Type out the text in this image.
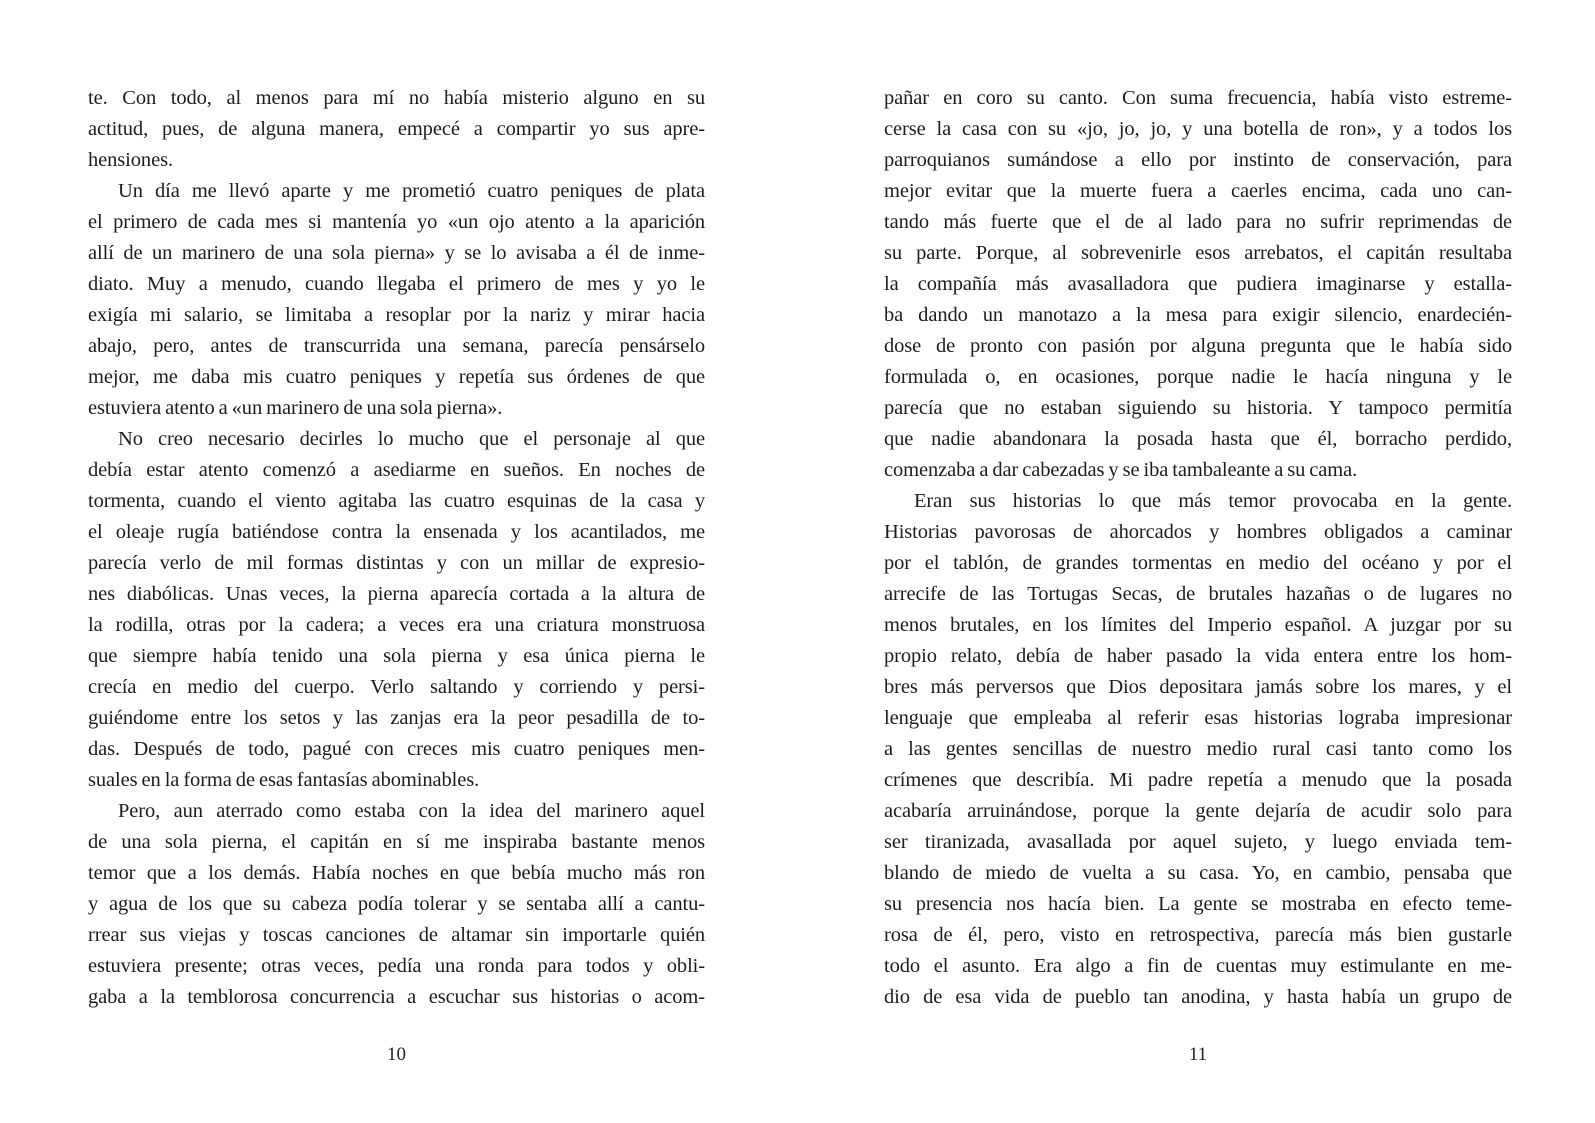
te. Con todo, al menos para mí no había misterio alguno en su
actitud, pues, de alguna manera, empecé a compartir yo sus apre-
hensiones.
Un día me llevó aparte y me prometió cuatro peniques de plata
el primero de cada mes si mantenía yo «un ojo atento a la aparición
allí de un marinero de una sola pierna» y se lo avisaba a él de inme-
diato. Muy a menudo, cuando llegaba el primero de mes y yo le
exigía mi salario, se limitaba a resoplar por la nariz y mirar hacia
abajo, pero, antes de transcurrida una semana, parecía pensárselo
mejor, me daba mis cuatro peniques y repetía sus órdenes de que
estuviera atento a «un marinero de una sola pierna».
No creo necesario decirles lo mucho que el personaje al que
debía estar atento comenzó a asediarme en sueños. En noches de
tormenta, cuando el viento agitaba las cuatro esquinas de la casa y
el oleaje rugía batiéndose contra la ensenada y los acantilados, me
parecía verlo de mil formas distintas y con un millar de expresio-
nes diabólicas. Unas veces, la pierna aparecía cortada a la altura de
la rodilla, otras por la cadera; a veces era una criatura monstruosa
que siempre había tenido una sola pierna y esa única pierna le
crecía en medio del cuerpo. Verlo saltando y corriendo y persi-
guiéndome entre los setos y las zanjas era la peor pesadilla de to-
das. Después de todo, pagué con creces mis cuatro peniques men-
suales en la forma de esas fantasías abominables.
Pero, aun aterrado como estaba con la idea del marinero aquel
de una sola pierna, el capitán en sí me inspiraba bastante menos
temor que a los demás. Había noches en que bebía mucho más ron
y agua de los que su cabeza podía tolerar y se sentaba allí a cantu-
rrear sus viejas y toscas canciones de altamar sin importarle quién
estuviera presente; otras veces, pedía una ronda para todos y obli-
gaba a la temblorosa concurrencia a escuchar sus historias o acom-
10
pañar en coro su canto. Con suma frecuencia, había visto estreme-
cerse la casa con su «jo, jo, jo, y una botella de ron», y a todos los
parroquianos sumándose a ello por instinto de conservación, para
mejor evitar que la muerte fuera a caerles encima, cada uno can-
tando más fuerte que el de al lado para no sufrir reprimendas de
su parte. Porque, al sobrevenirle esos arrebatos, el capitán resultaba
la compañía más avasalladora que pudiera imaginarse y estalla-
ba dando un manotazo a la mesa para exigir silencio, enardecién-
dose de pronto con pasión por alguna pregunta que le había sido
formulada o, en ocasiones, porque nadie le hacía ninguna y le
parecía que no estaban siguiendo su historia. Y tampoco permitía
que nadie abandonara la posada hasta que él, borracho perdido,
comenzaba a dar cabezadas y se iba tambaleante a su cama.
Eran sus historias lo que más temor provocaba en la gente.
Historias pavorosas de ahorcados y hombres obligados a caminar
por el tablón, de grandes tormentas en medio del océano y por el
arrecife de las Tortugas Secas, de brutales hazañas o de lugares no
menos brutales, en los límites del Imperio español. A juzgar por su
propio relato, debía de haber pasado la vida entera entre los hom-
bres más perversos que Dios depositara jamás sobre los mares, y el
lenguaje que empleaba al referir esas historias lograba impresionar
a las gentes sencillas de nuestro medio rural casi tanto como los
crímenes que describía. Mi padre repetía a menudo que la posada
acabaría arruinándose, porque la gente dejaría de acudir solo para
ser tiranizada, avasallada por aquel sujeto, y luego enviada tem-
blando de miedo de vuelta a su casa. Yo, en cambio, pensaba que
su presencia nos hacía bien. La gente se mostraba en efecto teme-
rosa de él, pero, visto en retrospectiva, parecía más bien gustarle
todo el asunto. Era algo a fin de cuentas muy estimulante en me-
dio de esa vida de pueblo tan anodina, y hasta había un grupo de
11
